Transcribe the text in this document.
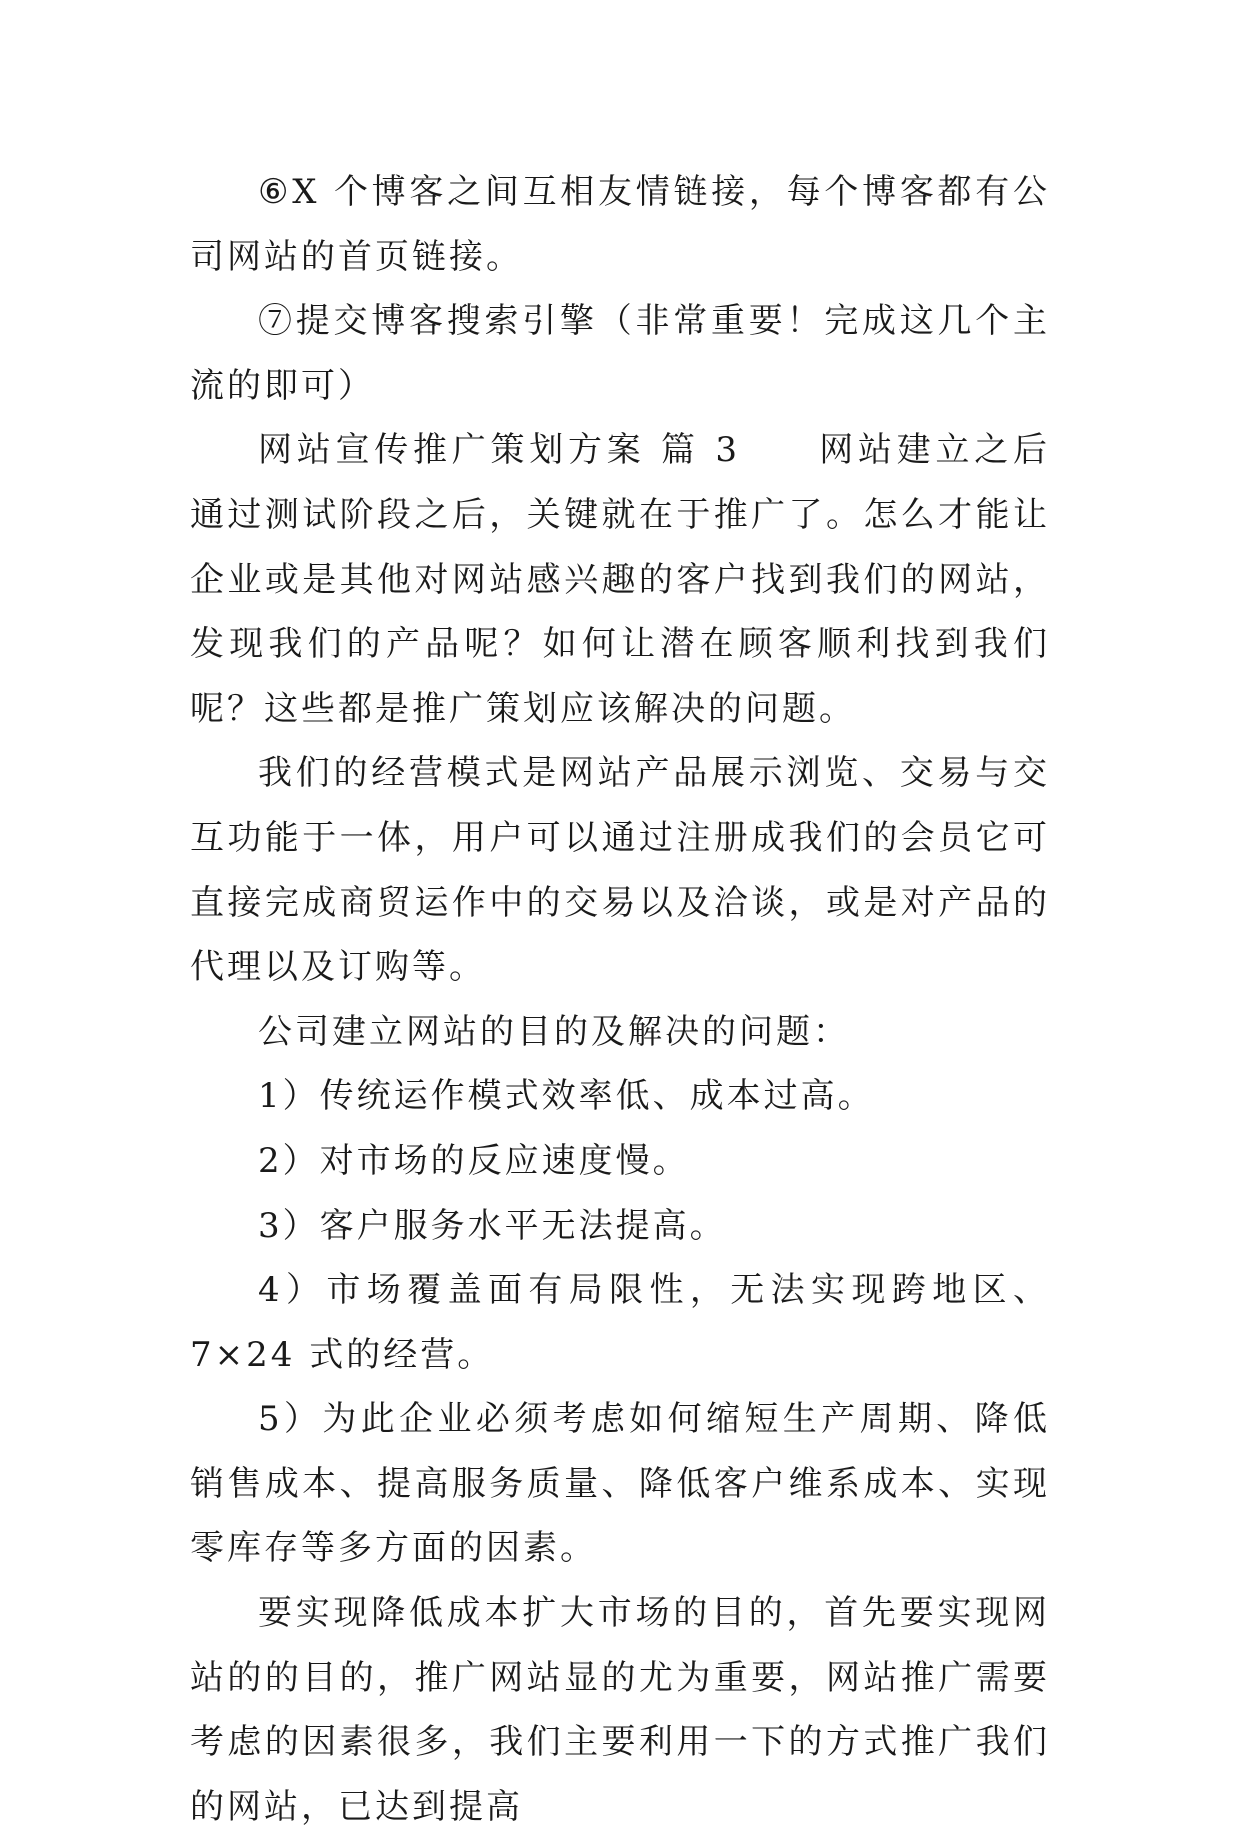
⑥X 个博客之间互相友情链接，每个博客都有公司网站的首页链接。

⑦提交博客搜索引擎（非常重要！完成这几个主流的即可）

网站宣传推广策划方案 篇 3　　网站建立之后通过测试阶段之后，关键就在于推广了。怎么才能让企业或是其他对网站感兴趣的客户找到我们的网站，发现我们的产品呢？如何让潜在顾客顺利找到我们呢？这些都是推广策划应该解决的问题。

我们的经营模式是网站产品展示浏览、交易与交互功能于一体，用户可以通过注册成我们的会员它可直接完成商贸运作中的交易以及洽谈，或是对产品的代理以及订购等。

公司建立网站的目的及解决的问题：

1）传统运作模式效率低、成本过高。

2）对市场的反应速度慢。

3）客户服务水平无法提高。

4）市场覆盖面有局限性，无法实现跨地区、7×24 式的经营。

5）为此企业必须考虑如何缩短生产周期、降低销售成本、提高服务质量、降低客户维系成本、实现零库存等多方面的因素。

要实现降低成本扩大市场的目的，首先要实现网站的的目的，推广网站显的尤为重要，网站推广需要考虑的因素很多，我们主要利用一下的方式推广我们的网站，已达到提高
